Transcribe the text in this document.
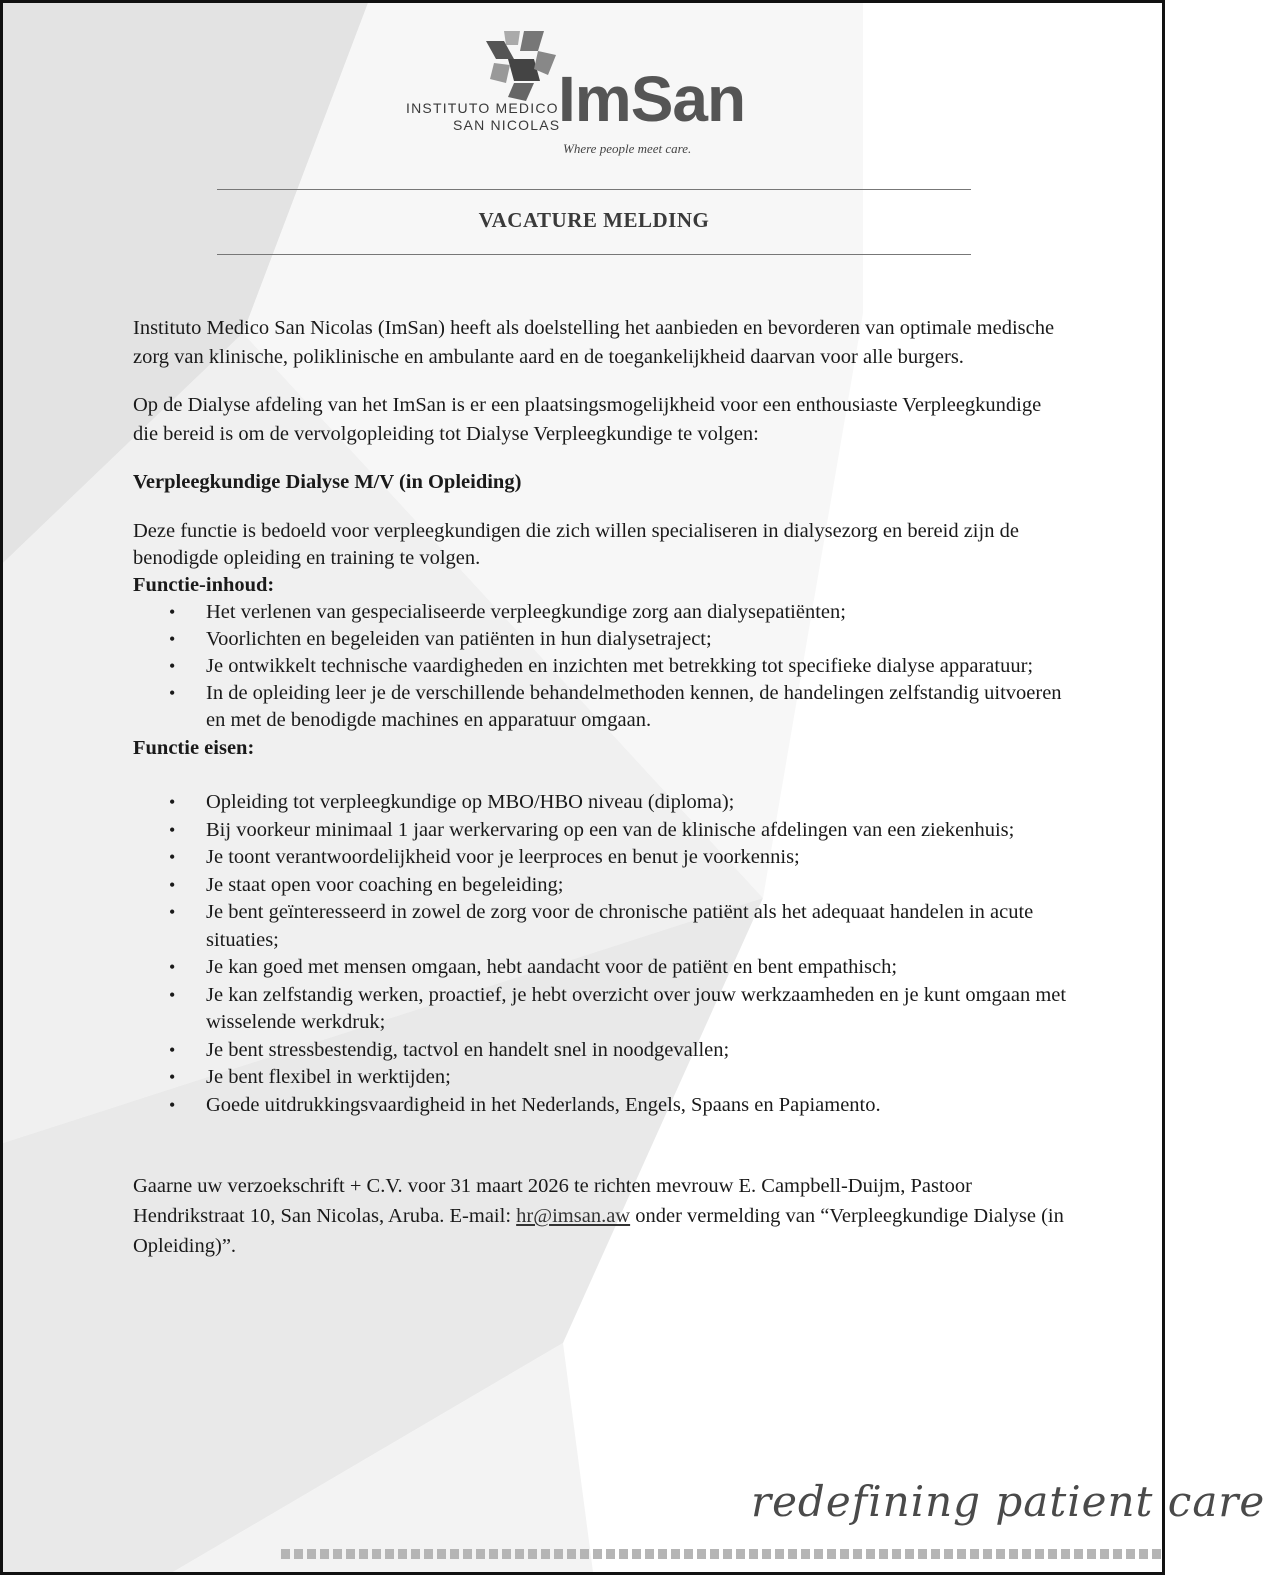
INSTITUTO MEDICO
SAN NICOLAS
ImSan
Where people meet care.
VACATURE MELDING

Instituto Medico San Nicolas (ImSan) heeft als doelstelling het aanbieden en bevorderen van optimale medische zorg van klinische, poliklinische en ambulante aard en de toegankelijkheid daarvan voor alle burgers.

Op de Dialyse afdeling van het ImSan is er een plaatsingsmogelijkheid voor een enthousiaste Verpleegkundige die bereid is om de vervolgopleiding tot Dialyse Verpleegkundige te volgen:

Verpleegkundige Dialyse M/V (in Opleiding)

Deze functie is bedoeld voor verpleegkundigen die zich willen specialiseren in dialysezorg en bereid zijn de benodigde opleiding en training te volgen.

Functie-inhoud:

• Het verlenen van gespecialiseerde verpleegkundige zorg aan dialysepatiënten;
• Voorlichten en begeleiden van patiënten in hun dialysetraject;
• Je ontwikkelt technische vaardigheden en inzichten met betrekking tot specifieke dialyse apparatuur;
• In de opleiding leer je de verschillende behandelmethoden kennen, de handelingen zelfstandig uitvoeren en met de benodigde machines en apparatuur omgaan.

Functie eisen:

• Opleiding tot verpleegkundige op MBO/HBO niveau (diploma);
• Bij voorkeur minimaal 1 jaar werkervaring op een van de klinische afdelingen van een ziekenhuis;
• Je toont verantwoordelijkheid voor je leerproces en benut je voorkennis;
• Je staat open voor coaching en begeleiding;
• Je bent geïnteresseerd in zowel de zorg voor de chronische patiënt als het adequaat handelen in acute situaties;
• Je kan goed met mensen omgaan, hebt aandacht voor de patiënt en bent empathisch;
• Je kan zelfstandig werken, proactief, je hebt overzicht over jouw werkzaamheden en je kunt omgaan met wisselende werkdruk;
• Je bent stressbestendig, tactvol en handelt snel in noodgevallen;
• Je bent flexibel in werktijden;
• Goede uitdrukkingsvaardigheid in het Nederlands, Engels, Spaans en Papiamento.

Gaarne uw verzoekschrift + C.V. voor 31 maart 2026 te richten mevrouw E. Campbell-Duijm, Pastoor Hendrikstraat 10, San Nicolas, Aruba. E-mail: hr@imsan.aw onder vermelding van “Verpleegkundige Dialyse (in Opleiding)”.

redefining patient care
